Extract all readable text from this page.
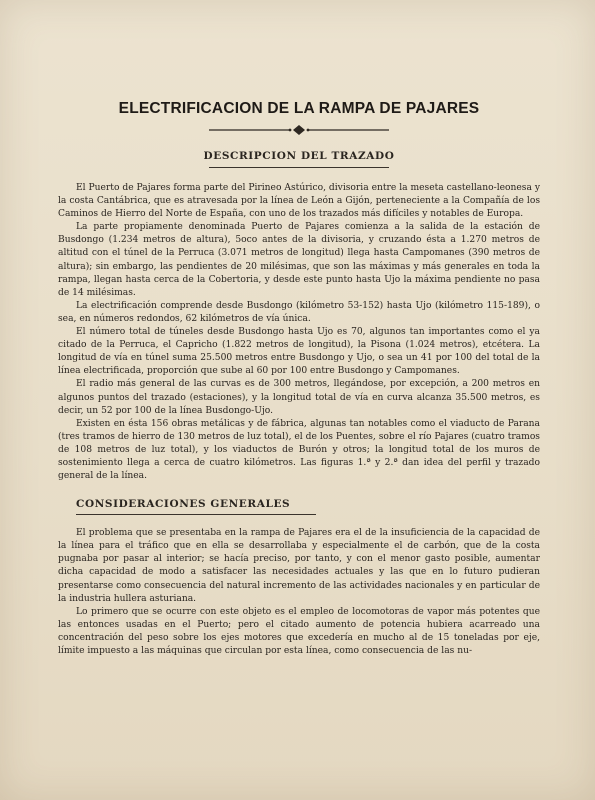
ELECTRIFICACION DE LA RAMPA DE PAJARES
DESCRIPCION DEL TRAZADO

El Puerto de Pajares forma parte del Pirineo Astúrico, divisoria entre la meseta castellano-leonesa y la costa Cantábrica, que es atravesada por la línea de León a Gijón, perteneciente a la Compañía de los Caminos de Hierro del Norte de España, con uno de los trazados más difíciles y notables de Europa.

La parte propiamente denominada Puerto de Pajares comienza a la salida de la estación de Busdongo (1.234 metros de altura), 5oco antes de la divisoria, y cruzando ésta a 1.270 metros de altitud con el túnel de la Perruca (3.071 metros de longitud) llega hasta Campomanes (390 metros de altura); sin embargo, las pendientes de 20 milésimas, que son las máximas y más generales en toda la rampa, llegan hasta cerca de la Cobertoria, y desde este punto hasta Ujo la máxima pendiente no pasa de 14 milésimas.

La electrificación comprende desde Busdongo (kilómetro 53-152) hasta Ujo (kilómetro 115-189), o sea, en números redondos, 62 kilómetros de vía única.

El número total de túneles desde Busdongo hasta Ujo es 70, algunos tan importantes como el ya citado de la Perruca, el Capricho (1.822 metros de longitud), la Pisona (1.024 metros), etcétera. La longitud de vía en túnel suma 25.500 metros entre Busdongo y Ujo, o sea un 41 por 100 del total de la línea electrificada, proporción que sube al 60 por 100 entre Busdongo y Campomanes.

El radio más general de las curvas es de 300 metros, llegándose, por excepción, a 200 metros en algunos puntos del trazado (estaciones), y la longitud total de vía en curva alcanza 35.500 metros, es decir, un 52 por 100 de la línea Busdongo-Ujo.

Existen en ésta 156 obras metálicas y de fábrica, algunas tan notables como el viaducto de Parana (tres tramos de hierro de 130 metros de luz total), el de los Puentes, sobre el río Pajares (cuatro tramos de 108 metros de luz total), y los viaductos de Burón y otros; la longitud total de los muros de sostenimiento llega a cerca de cuatro kilómetros. Las figuras 1.ª y 2.ª dan idea del perfil y trazado general de la línea.

CONSIDERACIONES GENERALES

El problema que se presentaba en la rampa de Pajares era el de la insuficiencia de la capacidad de la línea para el tráfico que en ella se desarrollaba y especialmente el de carbón, que de la costa pugnaba por pasar al interior; se hacía preciso, por tanto, y con el menor gasto posible, aumentar dicha capacidad de modo a satisfacer las necesidades actuales y las que en lo futuro pudieran presentarse como consecuencia del natural incremento de las actividades nacionales y en particular de la industria hullera asturiana.

Lo primero que se ocurre con este objeto es el empleo de locomotoras de vapor más potentes que las entonces usadas en el Puerto; pero el citado aumento de potencia hubiera acarreado una concentración del peso sobre los ejes motores que excedería en mucho al de 15 toneladas por eje, límite impuesto a las máquinas que circulan por esta línea, como consecuencia de las nu-
